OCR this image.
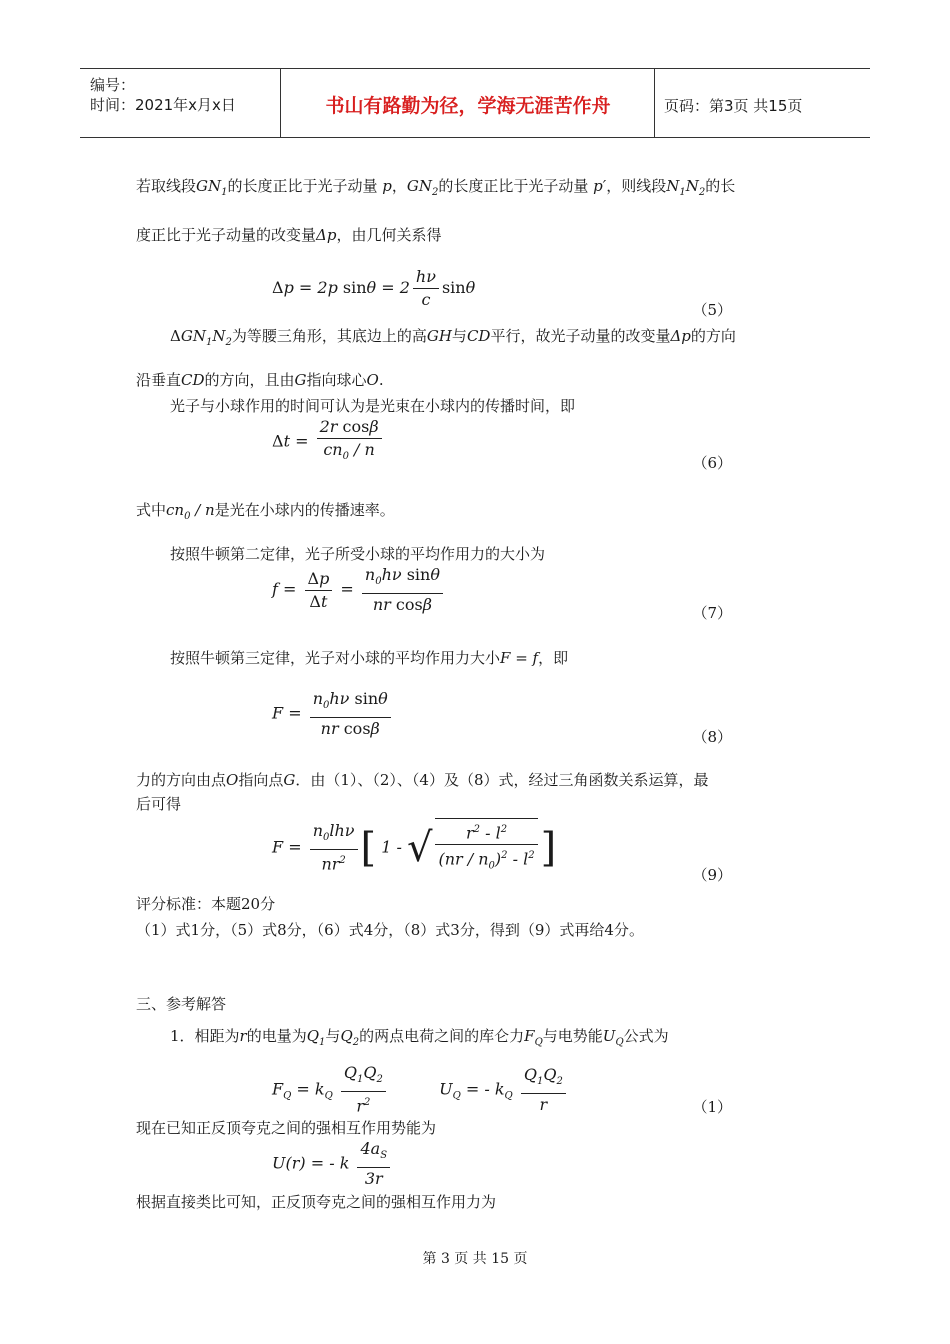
编号：
时间：2021年x月x日	书山有路勤为径，学海无涯苦作舟	页码：第3页 共15页
若取线段$GN_1$的长度正比于光子动量 p，$GN_2$的长度正比于光子动量 p′，则线段$N_1N_2$的长
度正比于光子动量的改变量Δp，由几何关系得
Δp = 2p $\sin\theta = 2 \frac{h\nu}{c}$ sinθ
（5）
$\Delta GN_1N_2$为等腰三角形，其底边上的高GH与CD平行，故光子动量的改变量Δp的方向
沿垂直CD的方向，且由G指向球心O.
光子与小球作用的时间可认为是光束在小球内的传播时间，即
$\Delta t = \frac{\text{2r cosβ}}{cn_0 / n}$	（6）
式中$cn_0$ / n是光在小球内的传播速率。
按照牛顿第二定律，光子所受小球的平均作用力的大小为
$f = \frac{\Delta p}{\Delta t} = \frac{n_0h\nu \sin\theta}{\text{nr cosβ}}$	（7）
按照牛顿第三定律，光子对小球的平均作用力大小F = f，即
$F = \frac{n_0h\nu \sin\theta}{\text{nr cosβ}}$	（8）
力的方向由点O指向点G．由（1）、（2）、（4）及（8）式，经过三角函数关系运算，最
后可得
$F = \frac{n_0lh\nu}{nr^2}$ [ 1 - √ $\frac{r^2 - l^2}{(nr / n_0)^2 - l^2}$ ]
（9）
评分标准：本题20分
（1）式1分，（5）式8分，（6）式4分，（8）式3分，得到（9）式再给4分。
三、参考解答
1．相距为r的电量为$Q_1$与$Q_2$的两点电荷之间的库仑力$F_Q$与电势能$U_Q$公式为
$F_Q = k_Q \frac{Q_1Q_2}{r^2}$	$U_Q$ = - $k_Q \frac{Q_1Q_2}{r}$	（1）
现在已知正反顶夸克之间的强相互作用势能为
U(r) = - k $\frac{4a_S}{3r}$
根据直接类比可知，正反顶夸克之间的强相互作用力为
第 3 页 共 15 页
